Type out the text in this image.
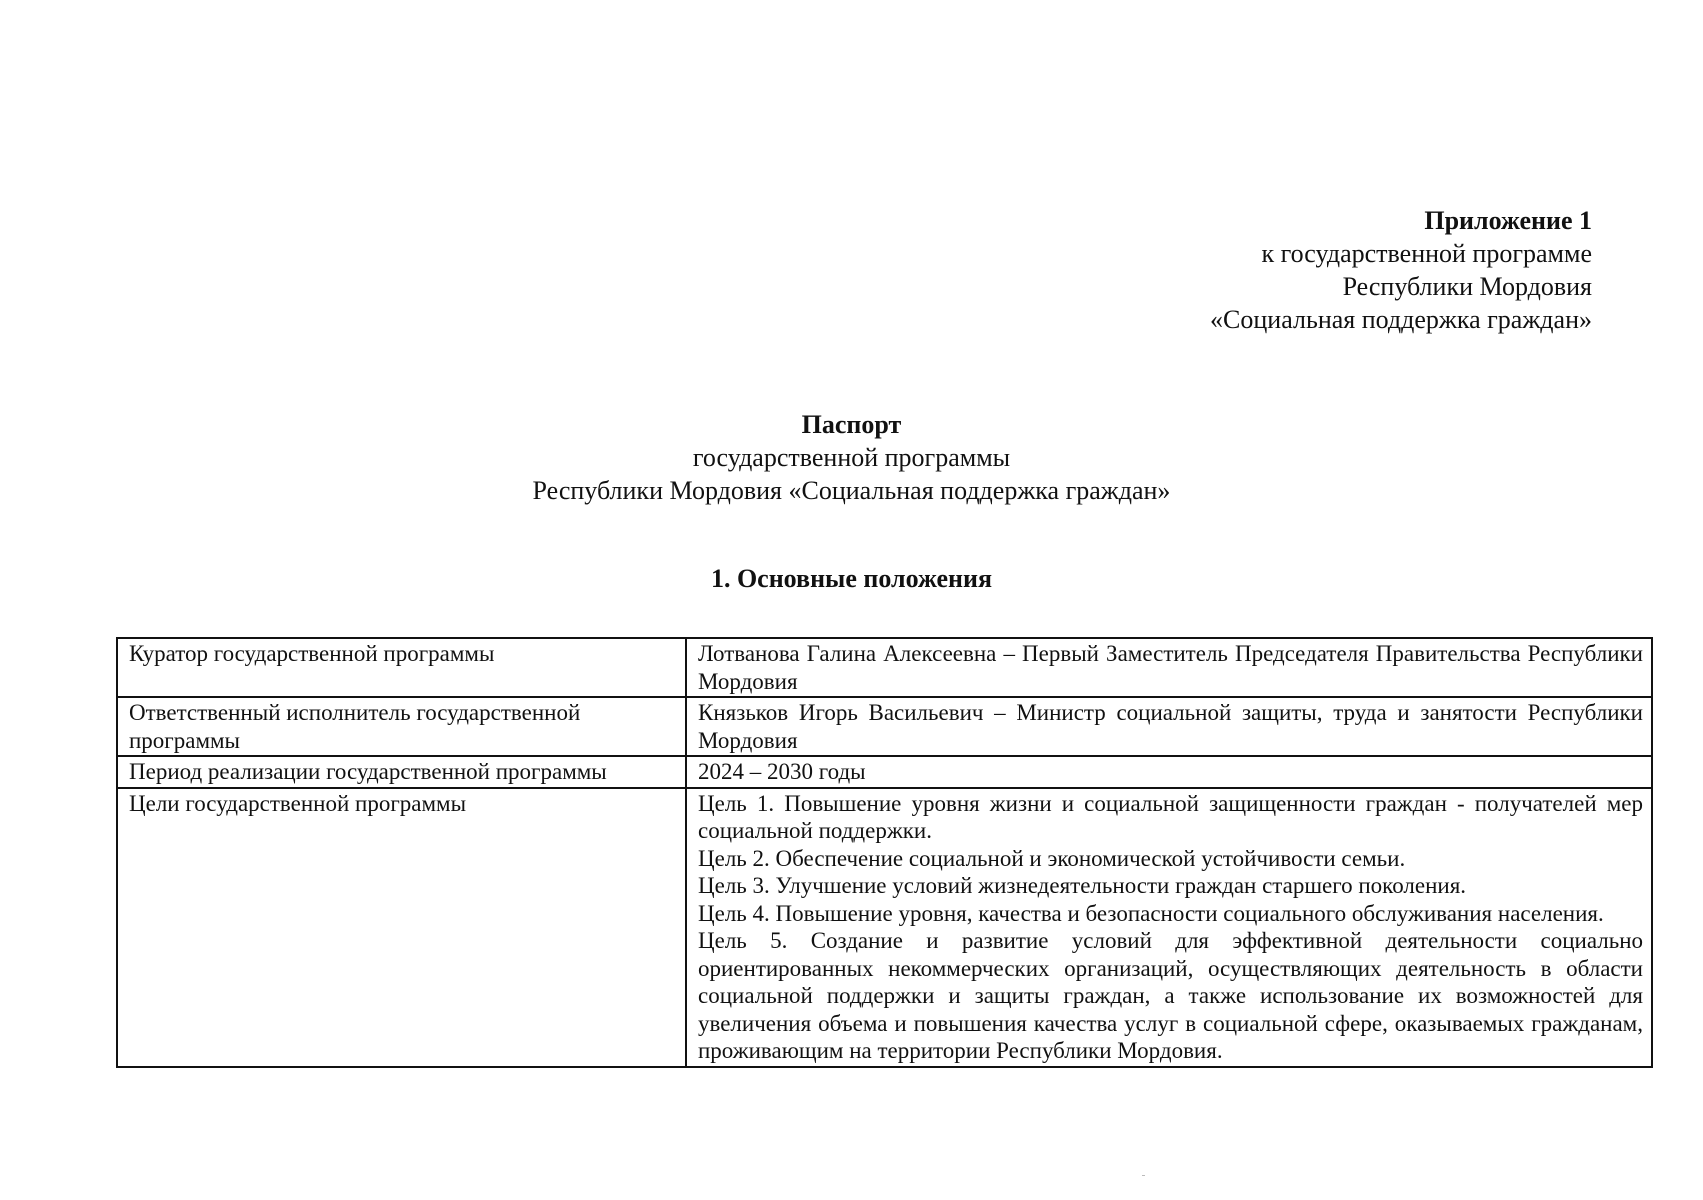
Приложение 1
к государственной программе
Республики Мордовия
«Социальная поддержка граждан»
Паспорт
государственной программы
Республики Мордовия «Социальная поддержка граждан»
1. Основные положения
Куратор государственной программы	Лотванова Галина Алексеевна – Первый Заместитель Председателя Правительства Республики Мордовия
Ответственный исполнитель государственной программы	Князьков Игорь Васильевич – Министр социальной защиты, труда и занятости Республики Мордовия
Период реализации государственной программы	2024 – 2030 годы
Цели государственной программы	Цель 1. Повышение уровня жизни и социальной защищенности граждан - получателей мер социальной поддержки.
Цель 2. Обеспечение социальной и экономической устойчивости семьи.
Цель 3. Улучшение условий жизнедеятельности граждан старшего поколения.
Цель 4. Повышение уровня, качества и безопасности социального обслуживания населения.
Цель 5. Создание и развитие условий для эффективной деятельности социально ориентированных некоммерческих организаций, осуществляющих деятельность в области социальной поддержки и защиты граждан, а также использование их возможностей для увеличения объема и повышения качества услуг в социальной сфере, оказываемых гражданам, проживающим на территории Республики Мордовия.
